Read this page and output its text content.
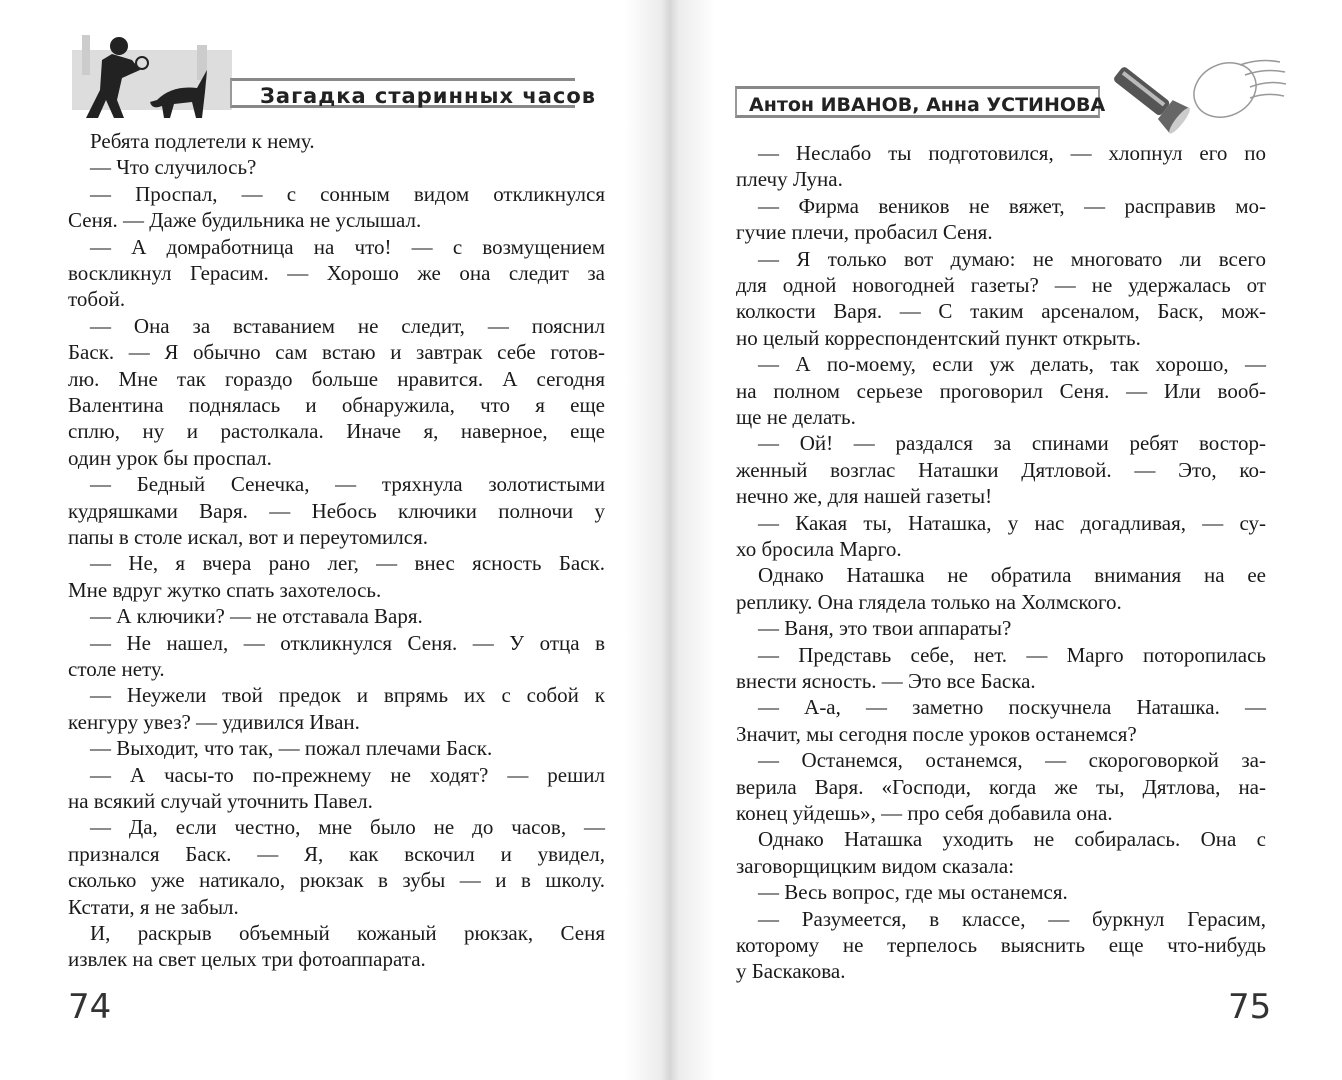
Загадка старинных часов
Ребята подлетели к нему.
— Что случилось?
— Проспал, — с сонным видом откликнулся
Сеня. — Даже будильника не услышал.
— А домработница на что! — с возмущением
воскликнул Герасим. — Хорошо же она следит за
тобой.
— Она за вставанием не следит, — пояснил
Баск. — Я обычно сам встаю и завтрак себе готов-
лю. Мне так гораздо больше нравится. А сегодня
Валентина поднялась и обнаружила, что я еще
сплю, ну и растолкала. Иначе я, наверное, еще
один урок бы проспал.
— Бедный Сенечка, — тряхнула золотистыми
кудряшками Варя. — Небось ключики полночи у
папы в столе искал, вот и переутомился.
— Не, я вчера рано лег, — внес ясность Баск.
Мне вдруг жутко спать захотелось.
— А ключики? — не отставала Варя.
— Не нашел, — откликнулся Сеня. — У отца в
столе нету.
— Неужели твой предок и впрямь их с собой к
кенгуру увез? — удивился Иван.
— Выходит, что так, — пожал плечами Баск.
— А часы-то по-прежнему не ходят? — решил
на всякий случай уточнить Павел.
— Да, если честно, мне было не до часов, —
признался Баск. — Я, как вскочил и увидел,
сколько уже натикало, рюкзак в зубы — и в школу.
Кстати, я не забыл.
И, раскрыв объемный кожаный рюкзак, Сеня
извлек на свет целых три фотоаппарата.
74
Антон ИВАНОВ, Анна УСТИНОВА
— Неслабо ты подготовился, — хлопнул его по
плечу Луна.
— Фирма веников не вяжет, — расправив мо-
гучие плечи, пробасил Сеня.
— Я только вот думаю: не многовато ли всего
для одной новогодней газеты? — не удержалась от
колкости Варя. — С таким арсеналом, Баск, мож-
но целый корреспондентский пункт открыть.
— А по-моему, если уж делать, так хорошо, —
на полном серьезе проговорил Сеня. — Или вооб-
ще не делать.
— Ой! — раздался за спинами ребят востор-
женный возглас Наташки Дятловой. — Это, ко-
нечно же, для нашей газеты!
— Какая ты, Наташка, у нас догадливая, — су-
хо бросила Марго.
Однако Наташка не обратила внимания на ее
реплику. Она глядела только на Холмского.
— Ваня, это твои аппараты?
— Представь себе, нет. — Марго поторопилась
внести ясность. — Это все Баска.
— А-а, — заметно поскучнела Наташка. —
Значит, мы сегодня после уроков останемся?
— Останемся, останемся, — скороговоркой за-
верила Варя. «Господи, когда же ты, Дятлова, на-
конец уйдешь», — про себя добавила она.
Однако Наташка уходить не собиралась. Она с
заговорщицким видом сказала:
— Весь вопрос, где мы останемся.
— Разумеется, в классе, — буркнул Герасим,
которому не терпелось выяснить еще что-нибудь
у Баскакова.
75
